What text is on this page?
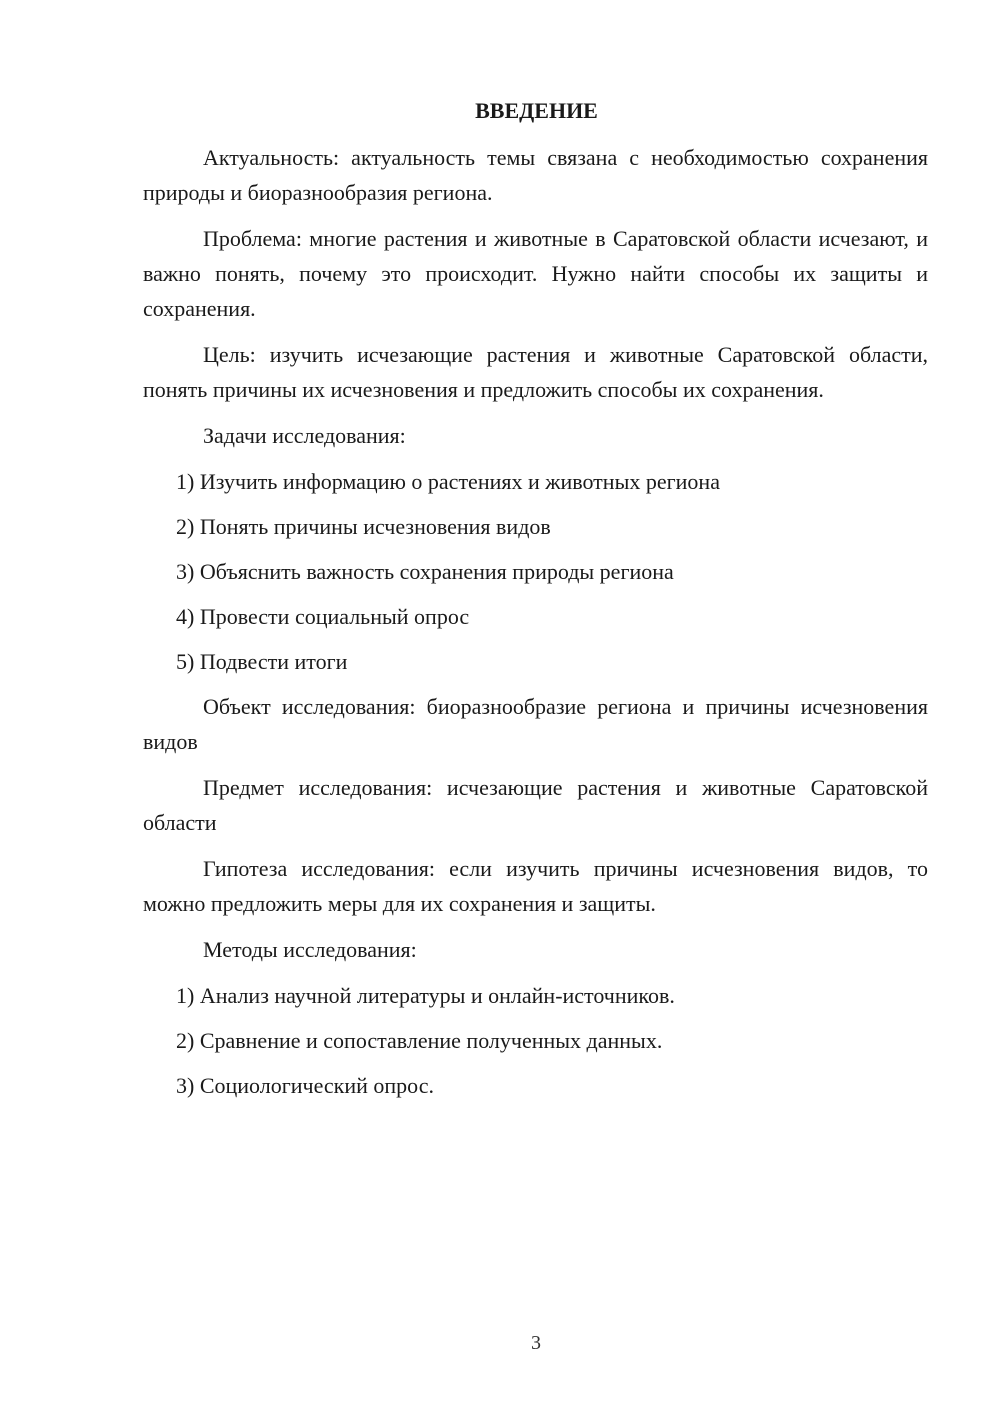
ВВЕДЕНИЕ

Актуальность: актуальность темы связана с необходимостью сохранения природы и биоразнообразия региона.

Проблема: многие растения и животные в Саратовской области исчезают, и важно понять, почему это происходит. Нужно найти способы их защиты и сохранения.

Цель: изучить исчезающие растения и животные Саратовской области, понять причины их исчезновения и предложить способы их сохранения.

Задачи исследования:

1) Изучить информацию о растениях и животных региона

2) Понять причины исчезновения видов

3) Объяснить важность сохранения природы региона

4) Провести социальный опрос

5) Подвести итоги

Объект исследования: биоразнообразие региона и причины исчезновения видов

Предмет исследования: исчезающие растения и животные Саратовской области

Гипотеза исследования: если изучить причины исчезновения видов, то можно предложить меры для их сохранения и защиты.

Методы исследования:

1) Анализ научной литературы и онлайн-источников.

2) Сравнение и сопоставление полученных данных.

3) Социологический опрос.

3
